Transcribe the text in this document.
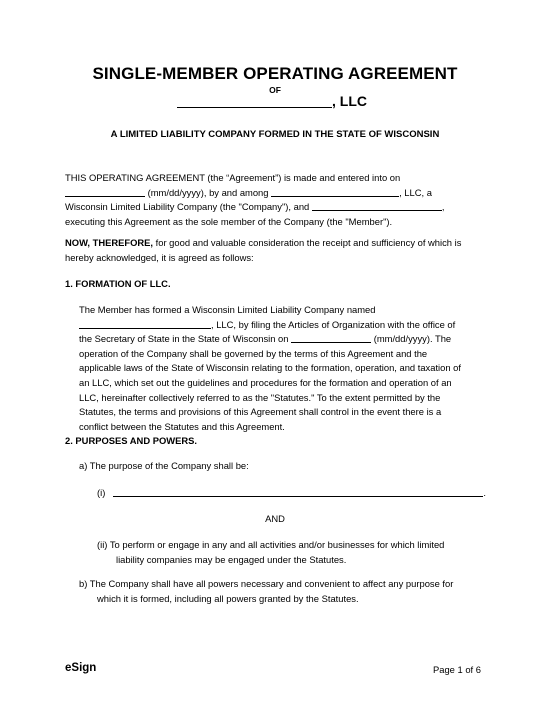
SINGLE-MEMBER OPERATING AGREEMENT
OF
, LLC
A LIMITED LIABILITY COMPANY FORMED IN THE STATE OF WISCONSIN
THIS OPERATING AGREEMENT (the “Agreement”) is made and entered into on
(mm/dd/yyyy), by and among	, LLC, a
Wisconsin Limited Liability Company (the "Company"), and	,
executing this Agreement as the sole member of the Company (the "Member").
NOW, THEREFORE, for good and valuable consideration the receipt and sufficiency of which is
hereby acknowledged, it is agreed as follows:
1. FORMATION OF LLC.
The Member has formed a Wisconsin Limited Liability Company named
, LLC, by filing the Articles of Organization with the office of
the Secretary of State in the State of Wisconsin on	(mm/dd/yyyy). The
operation of the Company shall be governed by the terms of this Agreement and the
applicable laws of the State of Wisconsin relating to the formation, operation, and taxation of
an LLC, which set out the guidelines and procedures for the formation and operation of an
LLC, hereinafter collectively referred to as the "Statutes." To the extent permitted by the
Statutes, the terms and provisions of this Agreement shall control in the event there is a
conflict between the Statutes and this Agreement.
2. PURPOSES AND POWERS.
a) The purpose of the Company shall be:
(i)	.
AND
(ii) To perform or engage in any and all activities and/or businesses for which limited
liability companies may be engaged under the Statutes.
b) The Company shall have all powers necessary and convenient to affect any purpose for
which it is formed, including all powers granted by the Statutes.
eSign	Page 1 of 6
